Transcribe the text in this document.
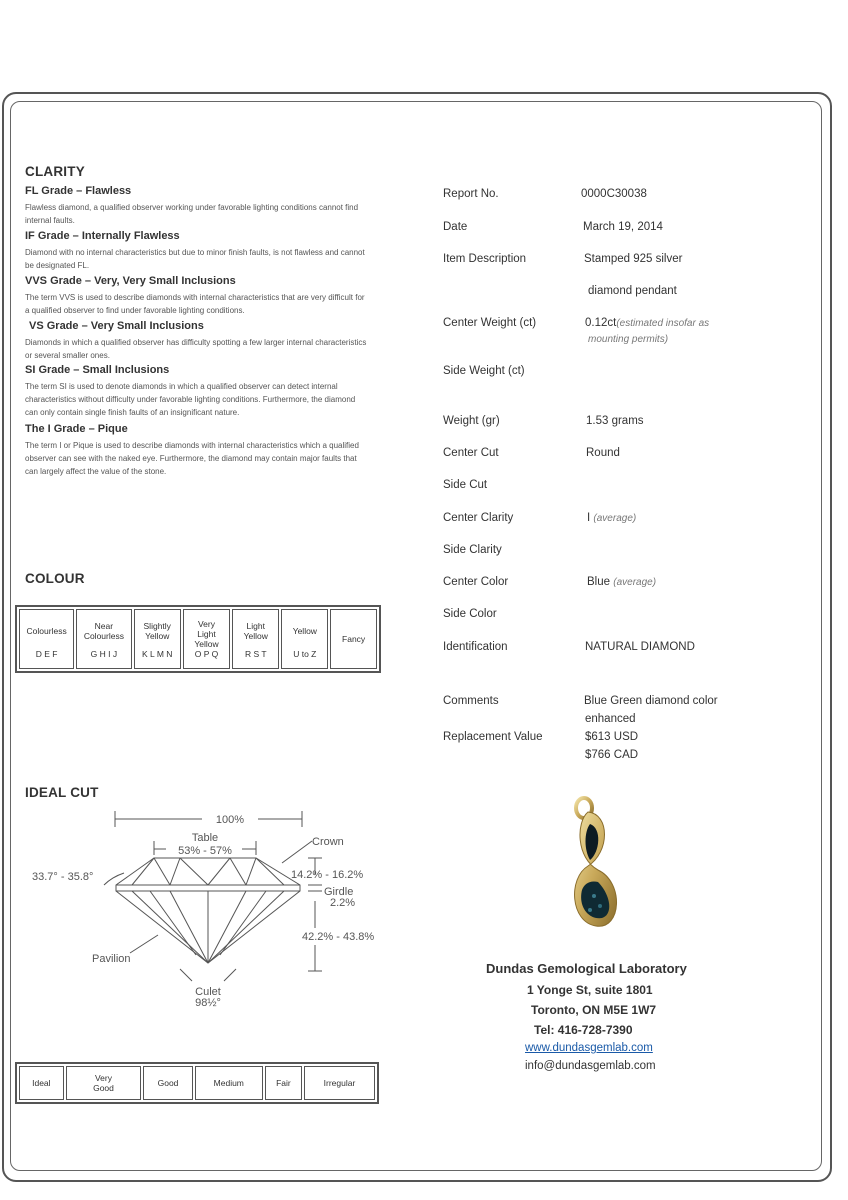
CLARITY
FL Grade – Flawless
Flawless diamond, a qualified observer working under favorable lighting conditions cannot find internal faults.
IF Grade – Internally Flawless
Diamond with no internal characteristics but due to minor finish faults, is not flawless and cannot be designated FL.
VVS Grade – Very, Very Small Inclusions
The term VVS is used to describe diamonds with internal characteristics that are very difficult for a qualified observer to find under favorable lighting conditions.
VS Grade – Very Small Inclusions
Diamonds in which a qualified observer has difficulty spotting a few larger internal characteristics or several smaller ones.
SI Grade – Small Inclusions
The term SI is used to denote diamonds in which a qualified observer can detect internal characteristics without difficulty under favorable lighting conditions. Furthermore, the diamond can only contain single finish faults of an insignificant nature.
The I Grade – Pique
The term I or Pique is used to describe diamonds with internal characteristics which a qualified observer can see with the naked eye. Furthermore, the diamond may contain major faults that can largely affect the value of the stone.
COLOUR
Colourless
D E F

Near Colourless
G H I J

Slightly Yellow
K L M N

Very Light Yellow
O P Q

Light Yellow
R S T

Yellow
U to Z

Fancy
IDEAL CUT
100%
Table
53% - 57%
Crown
33.7° - 35.8°	14.2% - 16.2%
Girdle
2.2%
42.2% - 43.8%
Pavilion
Culet
98½°
Ideal	Very Good	Good	Medium	Fair	Irregular
Report No.	0000C30038
Date	March 19, 2014
Item Description	Stamped 925 silver
diamond pendant
Center Weight (ct)	0.12ct(estimated insofar as
mounting permits)
Side Weight (ct)
Weight (gr)	1.53 grams
Center Cut	Round
Side Cut
Center Clarity	I (average)
Side Clarity
Center Color	Blue (average)
Side Color
Identification	NATURAL DIAMOND
Comments	Blue Green diamond color
enhanced
Replacement Value	$613 USD
$766 CAD
Dundas Gemological Laboratory
1 Yonge St, suite 1801
Toronto, ON M5E 1W7
Tel: 416-728-7390
www.dundasgemlab.com
info@dundasgemlab.com
